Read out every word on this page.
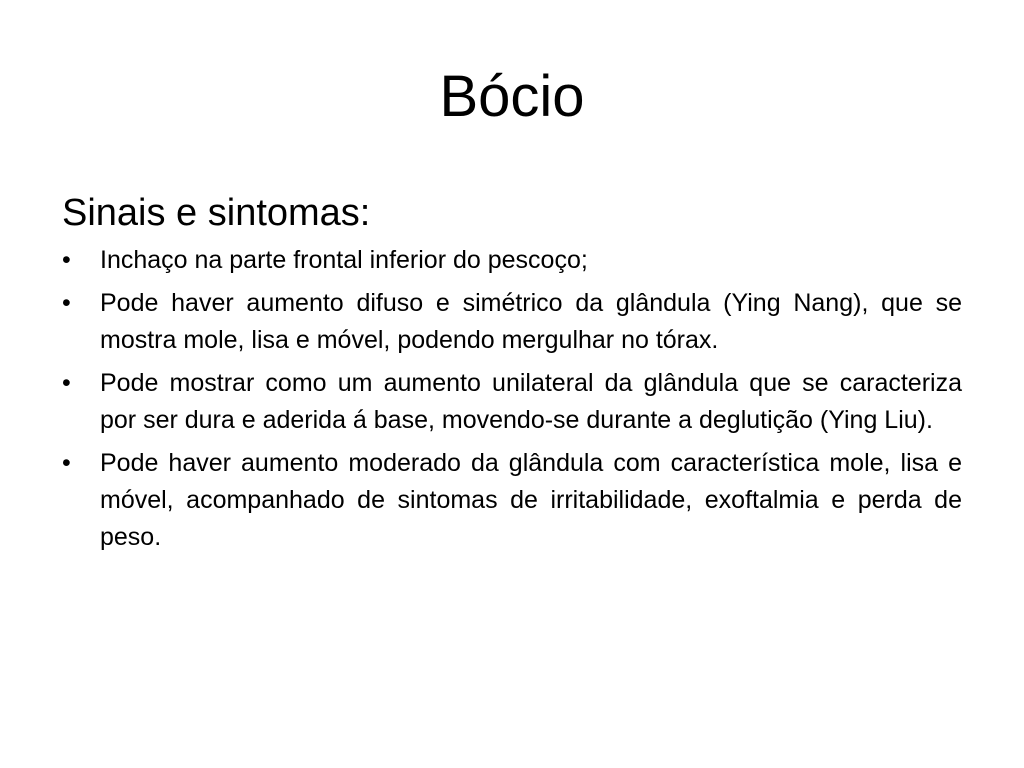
Bócio
Sinais e sintomas:
•	Inchaço na parte frontal inferior do pescoço;
•	Pode haver aumento difuso e simétrico da glândula (Ying Nang), que se mostra mole, lisa e móvel, podendo mergulhar no tórax.
•	Pode mostrar como um aumento unilateral da glândula que se caracteriza por ser dura e aderida á base, movendo-se durante a deglutição (Ying Liu).
•	Pode haver aumento moderado da glândula com característica mole, lisa e móvel, acompanhado de sintomas de irritabilidade, exoftalmia e perda de peso.
